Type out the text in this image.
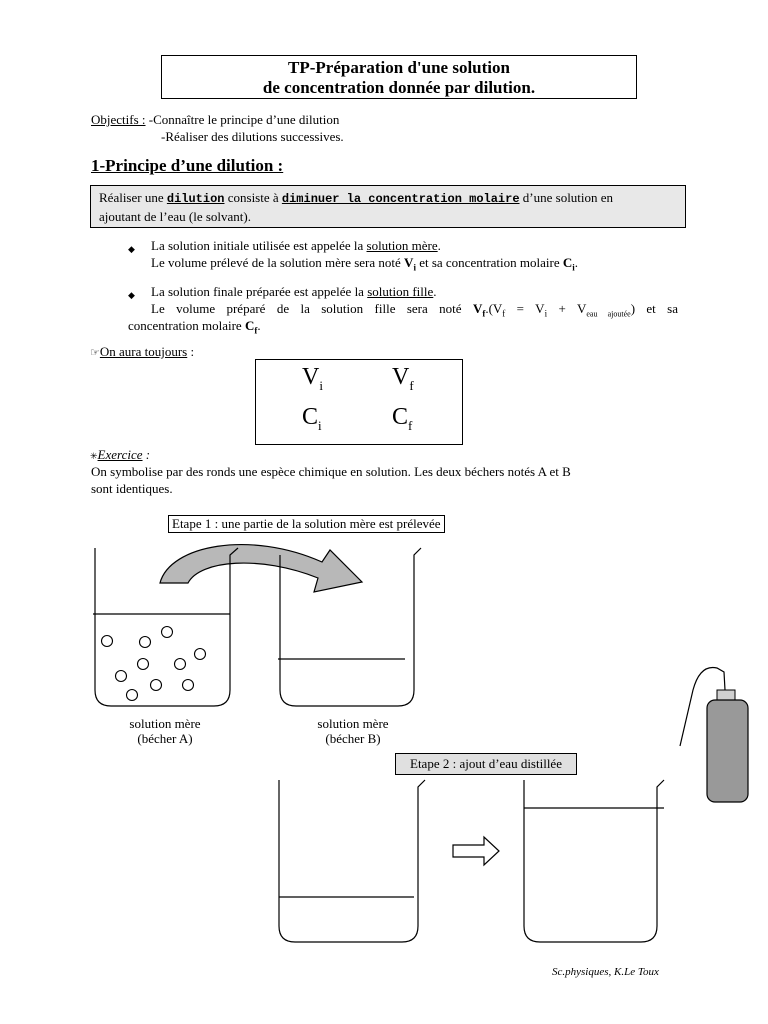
TP-Préparation d'une solution
de concentration donnée par dilution.
Objectifs : -Connaître le principe d’une dilution
-Réaliser des dilutions successives.
1-Principe d’une dilution :
Réaliser une dilution consiste à diminuer la concentration molaire d’une solution en
ajoutant de l’eau (le solvant).
◆ La solution initiale utilisée est appelée la solution mère.
Le volume prélevé de la solution mère sera noté $V_i$ et sa concentration molaire $C_i$.
◆ La solution finale préparée est appelée la solution fille.
Le volume préparé de la solution fille sera noté $V_f.(V_f = V_i + V_{eau ajoutée})$ et sa
concentration molaire $C_f$.
☞On aura toujours :
$V_i$	$V_f$
$C_i$	$C_f$
✳Exercice :
On symbolise par des ronds une espèce chimique en solution. Les deux béchers notés A et B
sont identiques.
Etape 1 : une partie de la solution mère est prélevée
solution mère
(bécher A)
solution mère
(bécher B)
Etape 2 : ajout d’eau distillée
Sc.physiques, K.Le Toux
